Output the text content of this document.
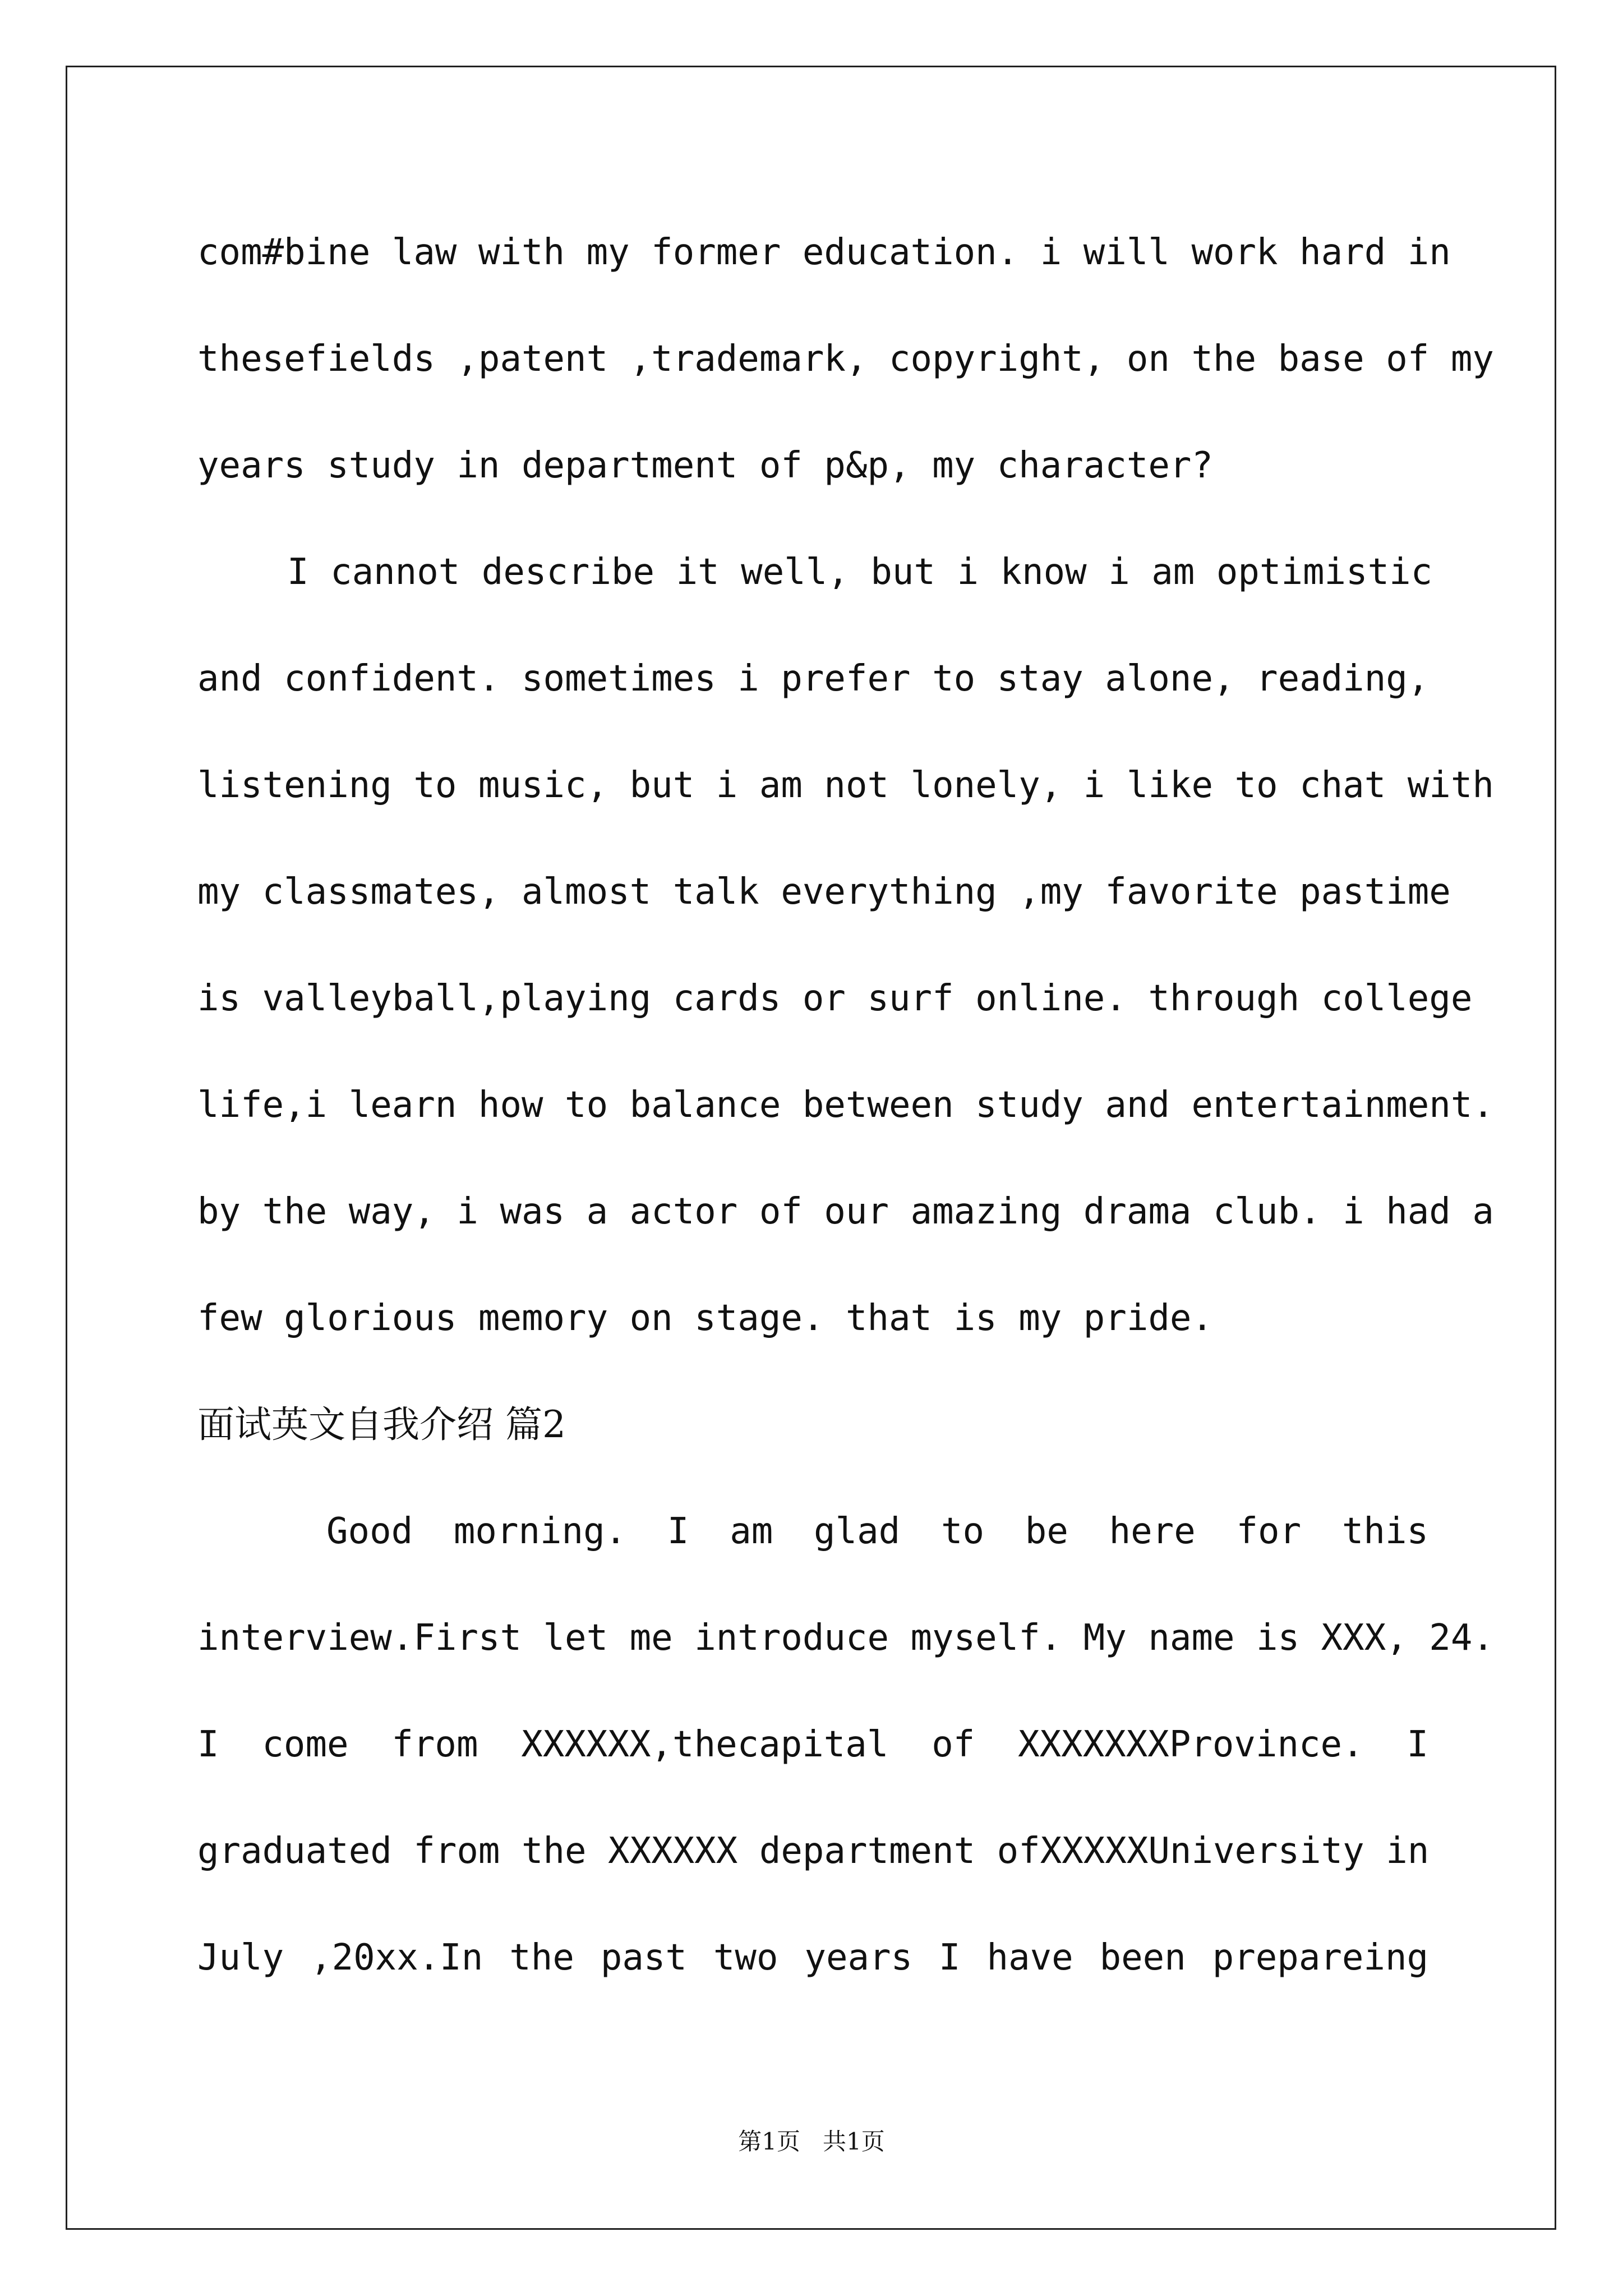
com#bine law with my former education. i will work hard in
thesefields ,patent ,trademark, copyright, on the base of my
years study in department of p&p, my character?
I cannot describe it well, but i know i am optimistic
and confident. sometimes i prefer to stay alone, reading,
listening to music, but i am not lonely, i like to chat with
my classmates, almost talk everything ,my favorite pastime
is valleyball,playing cards or surf online. through college
life,i learn how to balance between study and entertainment.
by the way, i was a actor of our amazing drama club. i had a
few glorious memory on stage. that is my pride.
面试英文自我介绍 篇2
Good morning. I am glad to be here for this
interview.First let me introduce myself. My name is XXX, 24.
I come from XXXXXX,thecapital of XXXXXXXProvince. I
graduated from the XXXXXX department ofXXXXXUniversity in
July ,20xx.In the past two years I have been prepareing
第1页   共1页
